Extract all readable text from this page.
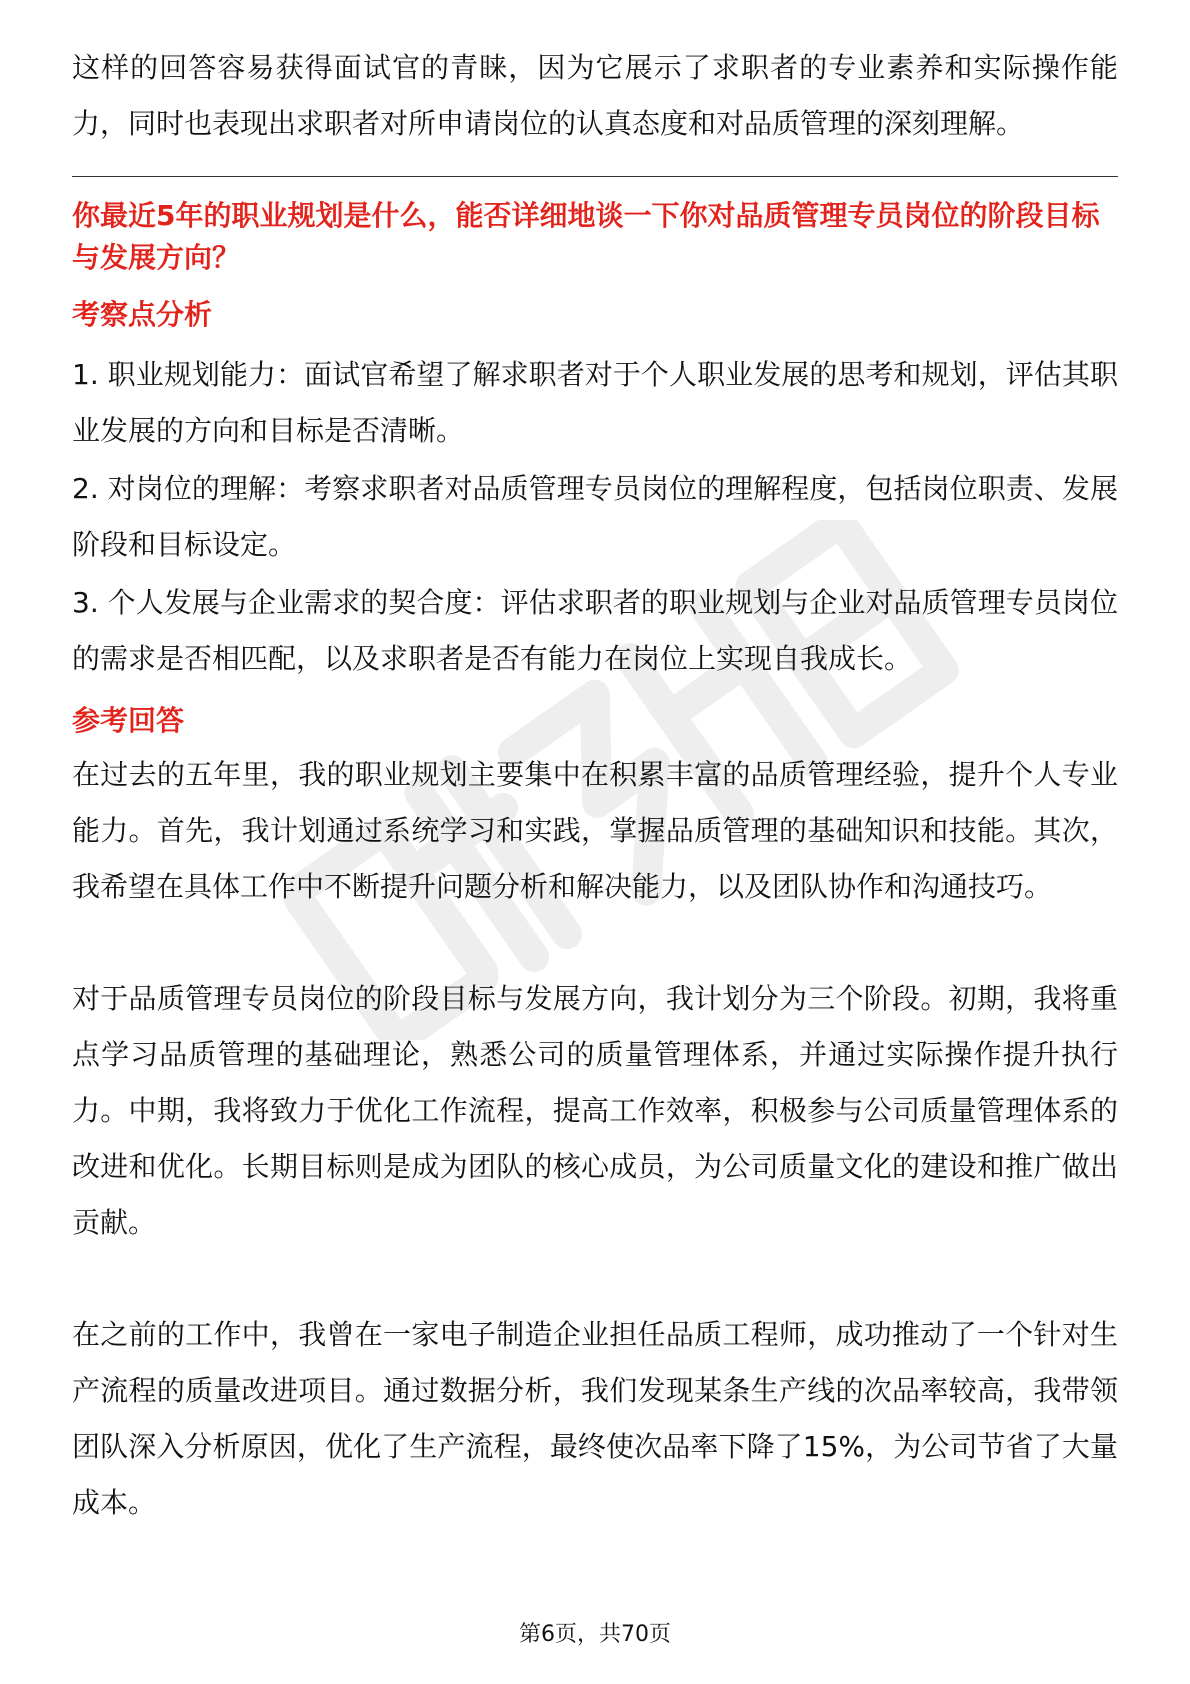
这样的回答容易获得面试官的青睐，因为它展示了求职者的专业素养和实际操作能力，同时也表现出求职者对所申请岗位的认真态度和对品质管理的深刻理解。

你最近5年的职业规划是什么，能否详细地谈一下你对品质管理专员岗位的阶段目标与发展方向？

考察点分析

1. 职业规划能力：面试官希望了解求职者对于个人职业发展的思考和规划，评估其职业发展的方向和目标是否清晰。

2. 对岗位的理解：考察求职者对品质管理专员岗位的理解程度，包括岗位职责、发展阶段和目标设定。

3. 个人发展与企业需求的契合度：评估求职者的职业规划与企业对品质管理专员岗位的需求是否相匹配，以及求职者是否有能力在岗位上实现自我成长。

参考回答

在过去的五年里，我的职业规划主要集中在积累丰富的品质管理经验，提升个人专业能力。首先，我计划通过系统学习和实践，掌握品质管理的基础知识和技能。其次，我希望在具体工作中不断提升问题分析和解决能力，以及团队协作和沟通技巧。

对于品质管理专员岗位的阶段目标与发展方向，我计划分为三个阶段。初期，我将重点学习品质管理的基础理论，熟悉公司的质量管理体系，并通过实际操作提升执行力。中期，我将致力于优化工作流程，提高工作效率，积极参与公司质量管理体系的改进和优化。长期目标则是成为团队的核心成员，为公司质量文化的建设和推广做出贡献。

在之前的工作中，我曾在一家电子制造企业担任品质工程师，成功推动了一个针对生产流程的质量改进项目。通过数据分析，我们发现某条生产线的次品率较高，我带领团队深入分析原因，优化了生产流程，最终使次品率下降了15%，为公司节省了大量成本。

第6页，共70页
